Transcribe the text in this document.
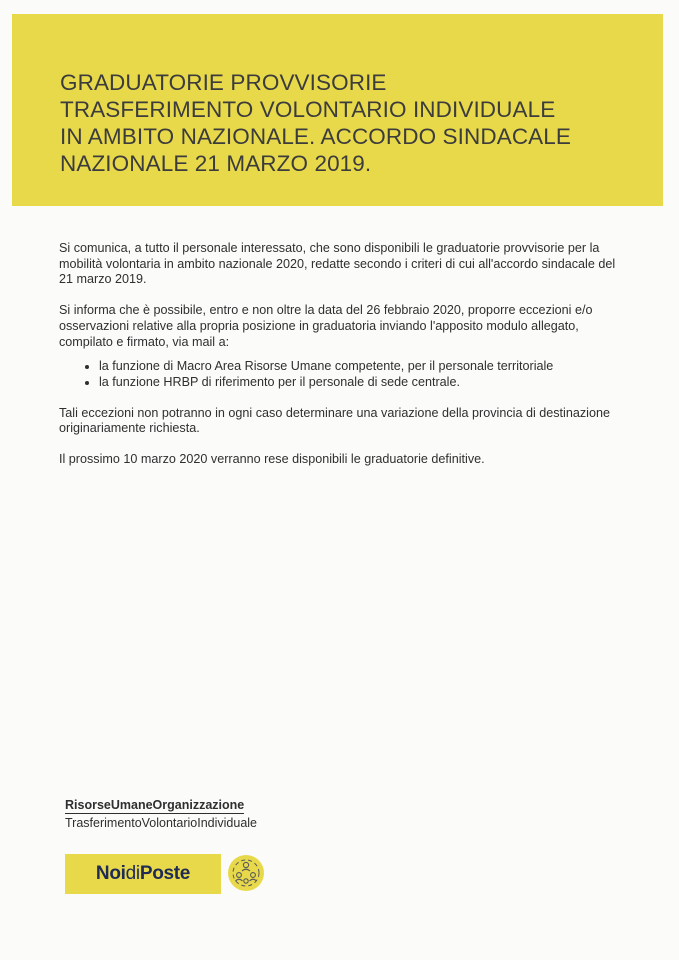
GRADUATORIE PROVVISORIE
TRASFERIMENTO VOLONTARIO INDIVIDUALE
IN AMBITO NAZIONALE. ACCORDO SINDACALE
NAZIONALE 21 MARZO 2019.

Si comunica, a tutto il personale interessato, che sono disponibili le graduatorie provvisorie per la mobilità volontaria in ambito nazionale 2020, redatte secondo i criteri di cui all'accordo sindacale del 21 marzo 2019.

Si informa che è possibile, entro e non oltre la data del 26 febbraio 2020, proporre eccezioni e/o osservazioni relative alla propria posizione in graduatoria inviando l'apposito modulo allegato, compilato e firmato, via mail a:

• la funzione di Macro Area Risorse Umane competente, per il personale territoriale
• la funzione HRBP di riferimento per il personale di sede centrale.

Tali eccezioni non potranno in ogni caso determinare una variazione della provincia di destinazione originariamente richiesta.

Il prossimo 10 marzo 2020 verranno rese disponibili le graduatorie definitive.

RisorseUmaneOrganizzazione
TrasferimentoVolontarioIndividuale
NoidiPoste
